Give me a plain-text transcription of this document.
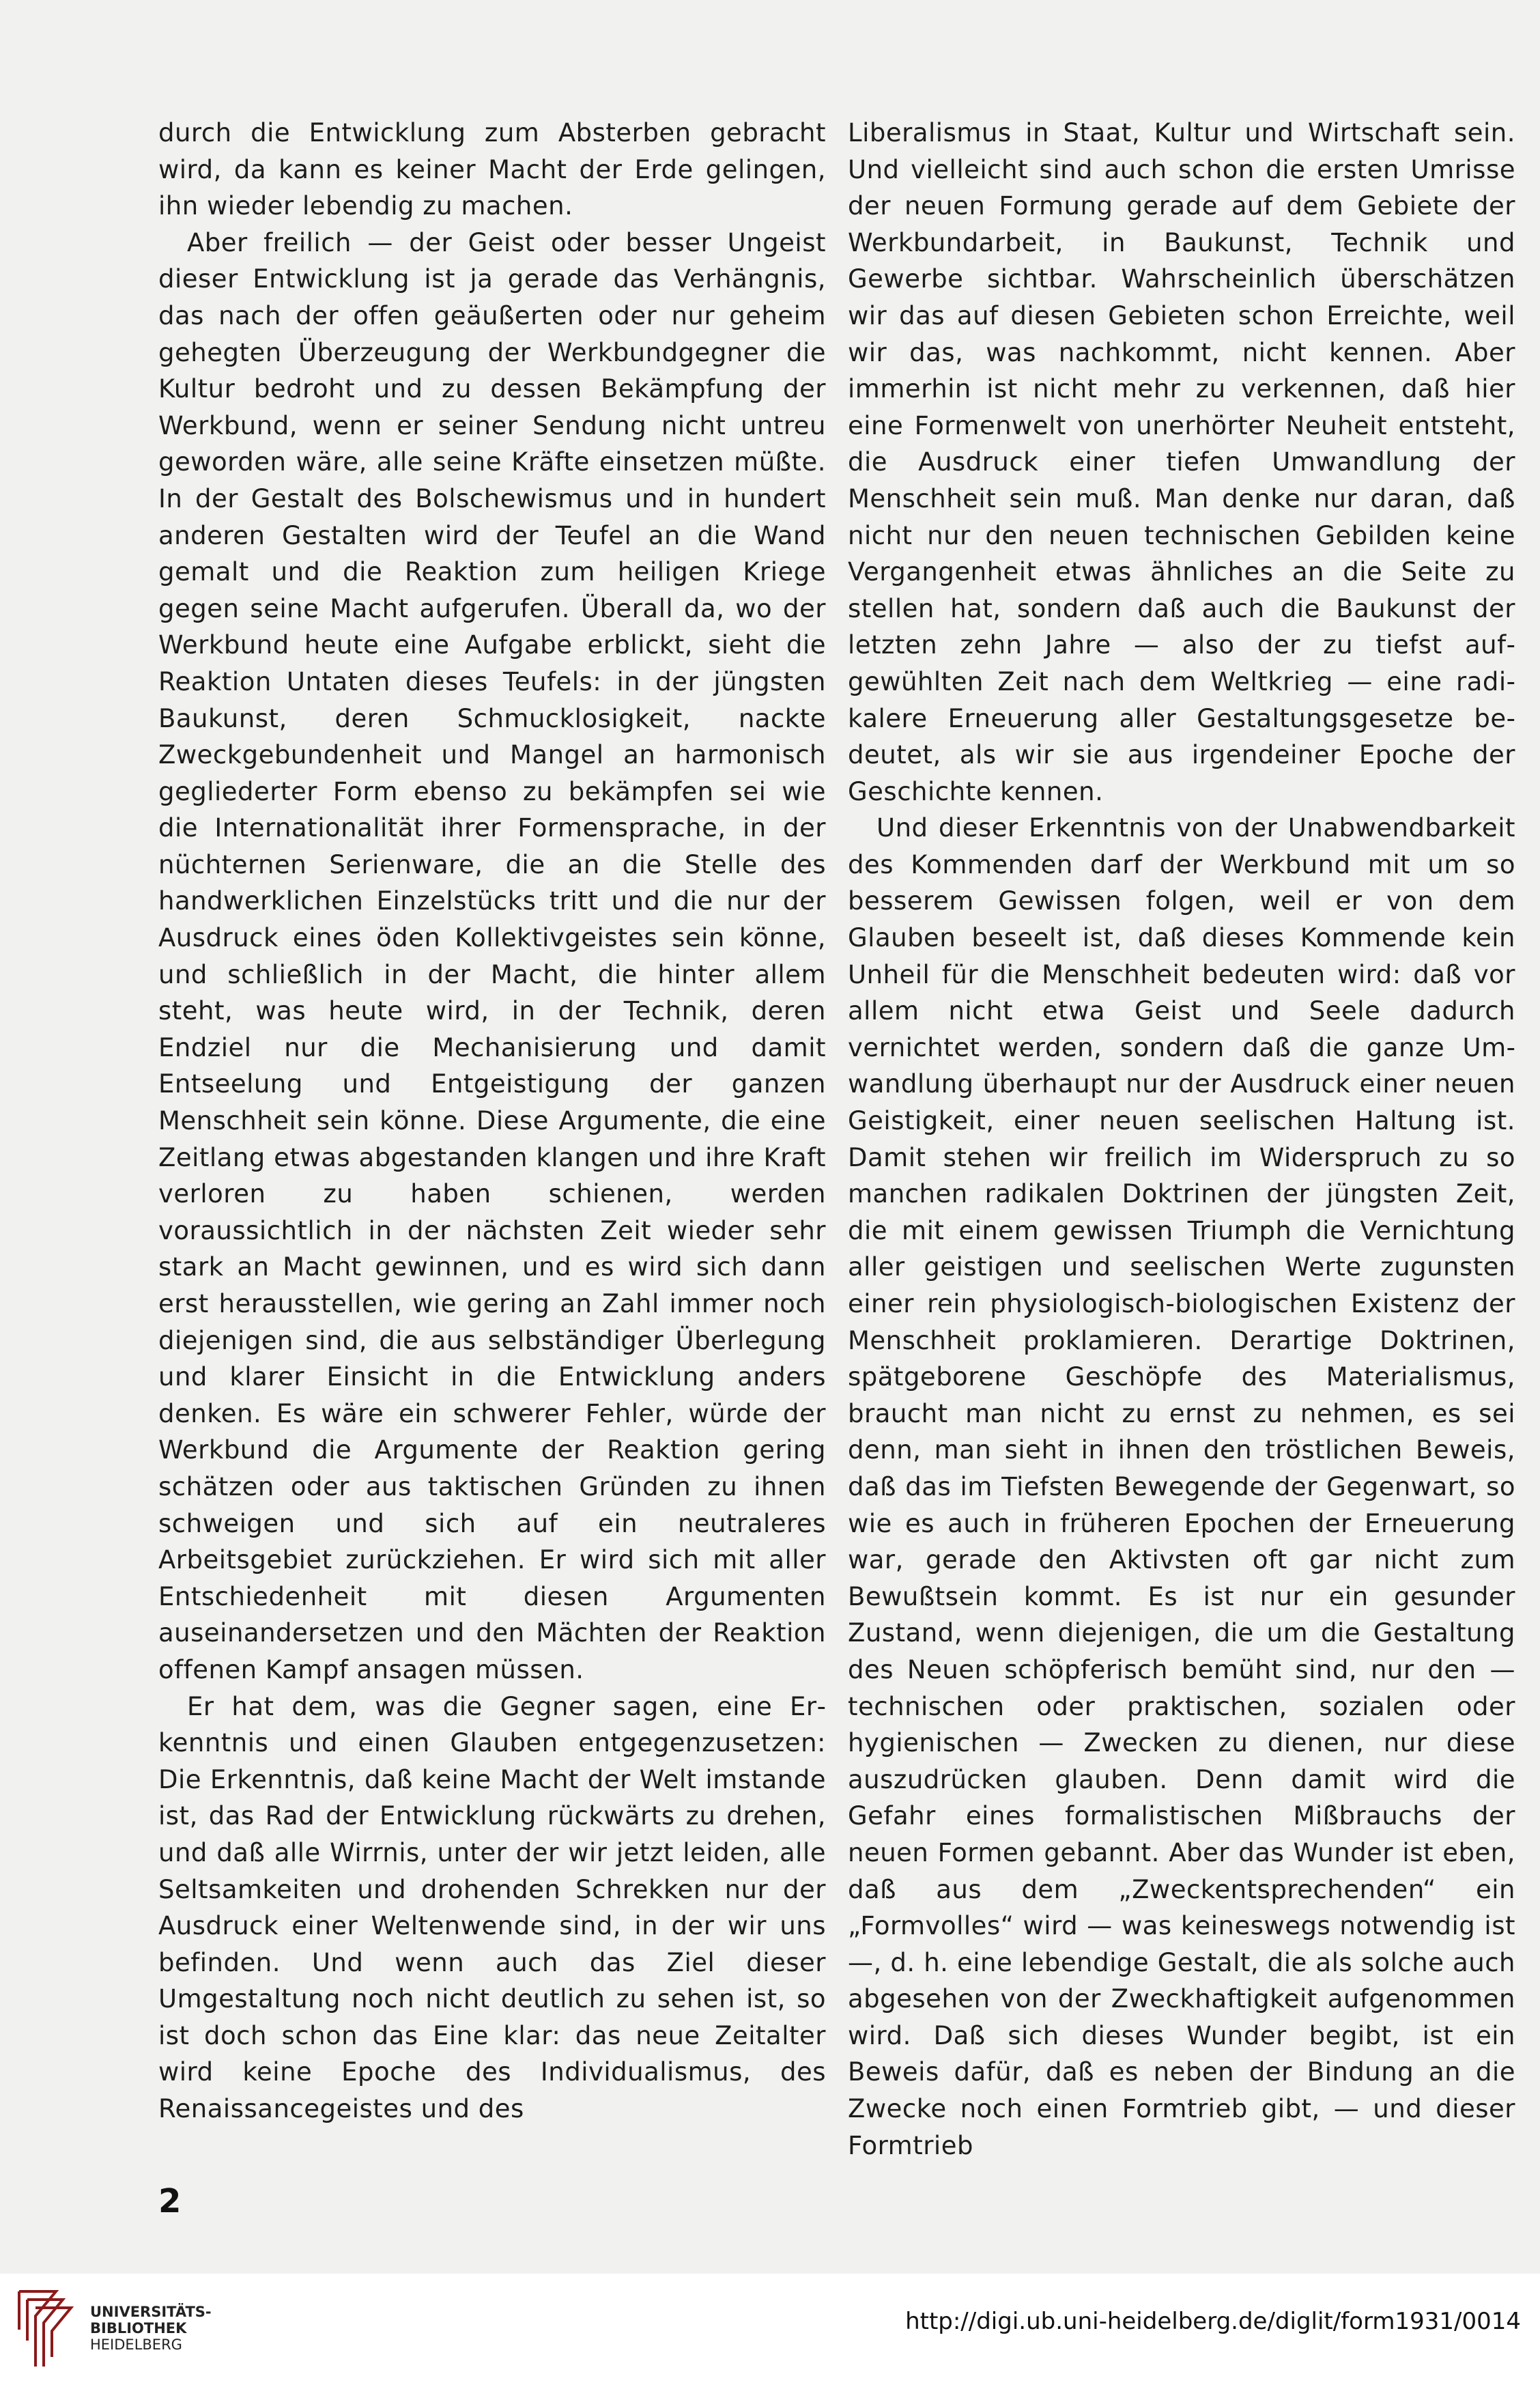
durch die Entwicklung zum Absterben gebracht wird, da kann es keiner Macht der Erde gelingen, ihn wieder lebendig zu machen.

Aber freilich — der Geist oder besser Ungeist dieser Entwicklung ist ja gerade das Verhängnis, das nach der offen geäußerten oder nur geheim gehegten Überzeugung der Werkbundgegner die Kultur bedroht und zu dessen Bekämpfung der Werkbund, wenn er seiner Sendung nicht untreu geworden wäre, alle seine Kräfte einsetzen müßte. In der Gestalt des Bolschewismus und in hundert anderen Gestalten wird der Teufel an die Wand gemalt und die Reaktion zum heiligen Kriege gegen seine Macht aufgerufen. Überall da, wo der Werkbund heute eine Aufgabe erblickt, sieht die Reaktion Untaten dieses Teufels: in der jüngsten Baukunst, deren Schmucklosigkeit, nackte Zweckgebundenheit und Mangel an harmonisch gegliederter Form ebenso zu bekämpfen sei wie die Internationalität ihrer Formensprache, in der nüchternen Serienware, die an die Stelle des handwerklichen Einzelstücks tritt und die nur der Ausdruck eines öden Kollektivgeistes sein könne, und schließlich in der Macht, die hinter allem steht, was heute wird, in der Technik, deren Endziel nur die Mechanisierung und damit Entseelung und Entgeistigung der ganzen Menschheit sein könne. Diese Argumente, die eine Zeitlang etwas abgestanden klangen und ihre Kraft verloren zu haben schienen, werden voraussichtlich in der nächsten Zeit wieder sehr stark an Macht gewinnen, und es wird sich dann erst herausstellen, wie gering an Zahl immer noch diejenigen sind, die aus selbständiger Überlegung und klarer Einsicht in die Entwicklung anders denken. Es wäre ein schwerer Fehler, würde der Werkbund die Argumente der Reaktion gering schätzen oder aus taktischen Gründen zu ihnen schweigen und sich auf ein neutraleres Arbeitsgebiet zurückziehen. Er wird sich mit aller Entschiedenheit mit diesen Argumenten auseinandersetzen und den Mächten der Reaktion offenen Kampf ansagen müssen.

Er hat dem, was die Gegner sagen, eine Erkenntnis und einen Glauben entgegenzusetzen: Die Erkenntnis, daß keine Macht der Welt imstande ist, das Rad der Entwicklung rückwärts zu drehen, und daß alle Wirrnis, unter der wir jetzt leiden, alle Seltsamkeiten und drohenden Schrekken nur der Ausdruck einer Weltenwende sind, in der wir uns befinden. Und wenn auch das Ziel dieser Umgestaltung noch nicht deutlich zu sehen ist, so ist doch schon das Eine klar: das neue Zeitalter wird keine Epoche des Individualismus, des Renaissancegeistes und des

Liberalismus in Staat, Kultur und Wirtschaft sein. Und vielleicht sind auch schon die ersten Umrisse der neuen Formung gerade auf dem Gebiete der Werkbundarbeit, in Baukunst, Technik und Gewerbe sichtbar. Wahrscheinlich überschätzen wir das auf diesen Gebieten schon Erreichte, weil wir das, was nachkommt, nicht kennen. Aber immerhin ist nicht mehr zu verkennen, daß hier eine Formenwelt von unerhörter Neuheit entsteht, die Ausdruck einer tiefen Umwandlung der Menschheit sein muß. Man denke nur daran, daß nicht nur den neuen technischen Gebilden keine Vergangenheit etwas ähnliches an die Seite zu stellen hat, sondern daß auch die Baukunst der letzten zehn Jahre — also der zu tiefst aufgewühlten Zeit nach dem Weltkrieg — eine radikalere Erneuerung aller Gestaltungsgesetze bedeutet, als wir sie aus irgendeiner Epoche der Geschichte kennen.

Und dieser Erkenntnis von der Unabwendbarkeit des Kommenden darf der Werkbund mit um so besserem Gewissen folgen, weil er von dem Glauben beseelt ist, daß dieses Kommende kein Unheil für die Menschheit bedeuten wird: daß vor allem nicht etwa Geist und Seele dadurch vernichtet werden, sondern daß die ganze Umwandlung überhaupt nur der Ausdruck einer neuen Geistigkeit, einer neuen seelischen Haltung ist. Damit stehen wir freilich im Widerspruch zu so manchen radikalen Doktrinen der jüngsten Zeit, die mit einem gewissen Triumph die Vernichtung aller geistigen und seelischen Werte zugunsten einer rein physiologisch-biologischen Existenz der Menschheit proklamieren. Derartige Doktrinen, spätgeborene Geschöpfe des Materialismus, braucht man nicht zu ernst zu nehmen, es sei denn, man sieht in ihnen den tröstlichen Beweis, daß das im Tiefsten Bewegende der Gegenwart, so wie es auch in früheren Epochen der Erneuerung war, gerade den Aktivsten oft gar nicht zum Bewußtsein kommt. Es ist nur ein gesunder Zustand, wenn diejenigen, die um die Gestaltung des Neuen schöpferisch bemüht sind, nur den — technischen oder praktischen, sozialen oder hygienischen — Zwecken zu dienen, nur diese auszudrücken glauben. Denn damit wird die Gefahr eines formalistischen Mißbrauchs der neuen Formen gebannt. Aber das Wunder ist eben, daß aus dem „Zweckentsprechenden“ ein „Formvolles“ wird — was keineswegs notwendig ist —, d. h. eine lebendige Gestalt, die als solche auch abgesehen von der Zweckhaftigkeit aufgenommen wird. Daß sich dieses Wunder begibt, ist ein Beweis dafür, daß es neben der Bindung an die Zwecke noch einen Formtrieb gibt, — und dieser Formtrieb

2
UNIVERSITÄTS-
BIBLIOTHEK
HEIDELBERG
http://digi.ub.uni-heidelberg.de/diglit/form1931/0014
